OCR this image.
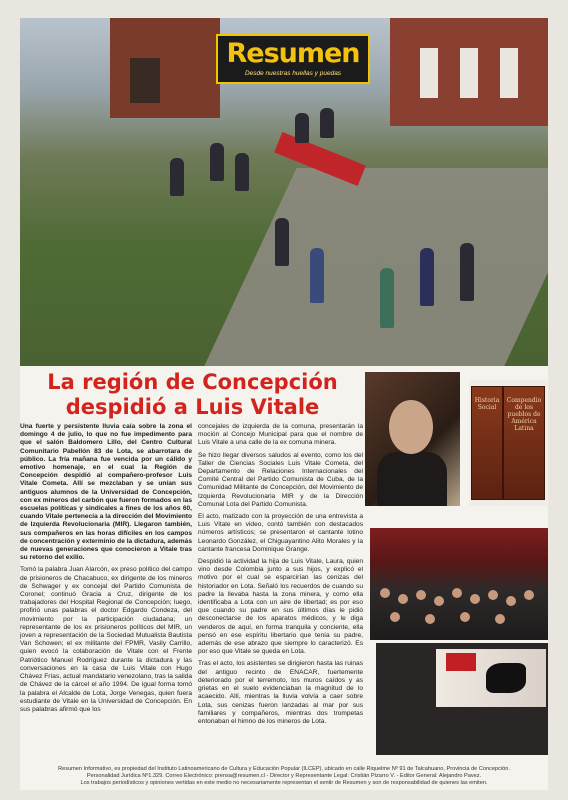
Resumen
Desde nuestras huellas y puedas
La región de Concepción
despidió a Luis Vitale	Historia Social
Compendio de los pueblos de América Latina

Una fuerte y persistente lluvia caía sobre la zona el domingo 4 de julio, lo que no fue impedimento para que el salón Baldomero Lillo, del Centro Cultural Comunitario Pabellón 83 de Lota, se abarrotara de público. La fría mañana fue vencida por un cálido y emotivo homenaje, en el cual la Región de Concepción despidió al compañero-profesor Luis Vitale Cometa. Allí se mezclaban y se unían sus antiguos alumnos de la Universidad de Concepción, con ex mineros del carbón que fueron formados en las escuelas políticas y sindicales a fines de los años 60, cuando Vitale pertenecía a la dirección del Movimiento de Izquierda Revolucionaria (MIR). Llegaron también, sus compañeros en las horas difíciles en los campos de concentración y exterminio de la dictadura, además de nuevas generaciones que conocieron a Vitale tras su retorno del exilio.

Tomó la palabra Juan Alarcón, ex preso político del campo de prisioneros de Chacabuco, ex dirigente de los mineros de Schwager y ex concejal del Partido Comunista de Coronel; continuó Gracia a Cruz, dirigente de los trabajadores del Hospital Regional de Concepción; luego, profirió unas palabras el doctor Edgardo Condeza, del movimiento por la participación ciudadana; un representante de los ex prisioneros políticos del MIR, un joven a representación de la Sociedad Mutualista Bautista Van Schowen; el ex militante del FPMR, Vasily Carrillo, quien evocó la colaboración de Vitale con el Frente Patriótico Manuel Rodríguez durante la dictadura y las conversaciones en la casa de Luis Vitale con Hugo Chávez Frías, actual mandatario venezolano, tras la salida de Chávez de la cárcel el año 1994. De igual forma tomó la palabra el Alcalde de Lota, Jorge Venegas, quien fuera estudiante de Vitale en la Universidad de Concepción. En sus palabras afirmó que los

concejales de izquierda de la comuna, presentarán la moción al Concejo Municipal para que el nombre de Luis Vitale a una calle de la ex comuna minera.

Se hizo llegar diversos saludos al evento, como los del Taller de Ciencias Sociales Luis Vitale Cometa, del Departamento de Relaciones Internacionales del Comité Central del Partido Comunista de Cuba, de la Comunidad Militante de Concepción, del Movimiento de Izquierda Revolucionaria MIR y de la Dirección Comunal Lota del Partido Comunista.

El acto, matizado con la proyección de una entrevista a Luis Vitale en video, contó también con destacados números artísticos; se presentaron el cantante lotino Leonardo González, el Chiguayantino Alito Morales y la cantante francesa Dominique Grange.

Despidió la actividad la hija de Luis Vitale, Laura, quien vino desde Colombia junto a sus hijos, y explicó el motivo por el cual se esparcirían las cenizas del historiador en Lota. Señaló los recuerdos de cuando su padre la llevaba hasta la zona minera, y como ella identificaba a Lota con un aire de libertad; es por eso que cuando su padre en sus últimos días le pidió desconectarse de los aparatos médicos, y le diga venderos de aquí, en forma tranquila y conciente, ella pensó en ese espíritu libertario que tenía su padre, además de ese abrazo que siempre lo caracterizó. Es por eso que Vitale se queda en Lota.

Tras el acto, los asistentes se dirigieron hasta las ruinas del antiguo recinto de ENACAR, fuertemente deteriorado por el terremoto, los muros caídos y as grietas en el suelo evidenciaban la magnitud de lo acaecido. Allí, mientras la lluvia volvía a caer sobre Lota, sus cenizas fueron lanzadas al mar por sus familiares y compañeros, mientras dos trompetas entonaban el himno de los mineros de Lota.

Resumen Informativo, es propiedad del Instituto Latinoamericano de Cultura y Educación Popular (ILCEP), ubicado en calle Riquelme Nº 91 de Talcahuano, Provincia de Concepción.
Personalidad Jurídica Nº1.329. Correo Electrónico: prensa@resumen.cl - Director y Representante Legal: Cristián Pizarro V. - Editor General: Alejandro Pavez.
Los trabajos periodísticos y opiniones vertidas en este medio no necesariamente representan el sentir de Resumen y son de responsabilidad de quienes las emiten.
